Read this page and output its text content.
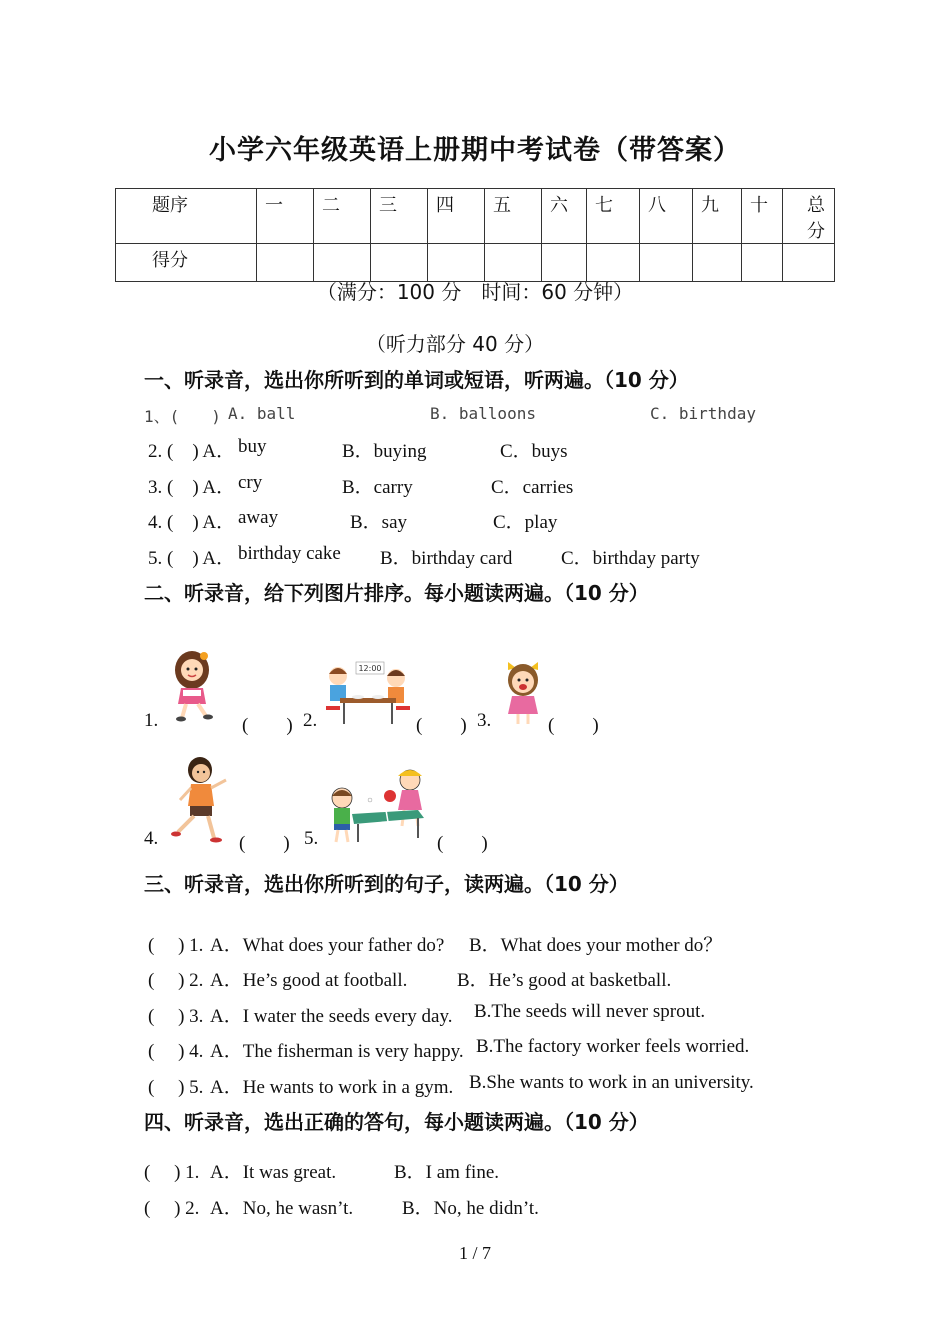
小学六年级英语上册期中考试卷（带答案）
题序	一	二	三	四	五	六	七	八	九	十	总分
得分											
（满分：100 分　时间：60 分钟）
（听力部分 40 分）
一、听录音，选出你所听到的单词或短语，听两遍。（10 分）
1、(　　) A. ball	B. balloons	C. birthday
2. (　) A． buy	B．buying	C．buys
3. (　) A． cry	B．carry	C．carries
4. (　) A． away	B．say	C．play
5. (　) A． birthday cake B．birthday card	C．birthday party
二、听录音，给下列图片排序。每小题读两遍。（10 分）
12:00
1.	(　　) 2.	(　　) 3.	(　　)
4.	(　　) 5.	(　　)
三、听录音，选出你所听到的句子，读两遍。（10 分）
(　 ) 1. A．What does your father do? B．What does your mother do？
(　 ) 2. A．He’s good at football.	B．He’s good at basketball.
(　 ) 3. A．I water the seeds every day. B.The seeds will never sprout.
(　 ) 4. A．The fisherman is very happy. B.The factory worker feels worried.
(　 ) 5. A．He wants to work in a gym. B.She wants to work in an university.
四、听录音，选出正确的答句，每小题读两遍。（10 分）
(　 ) 1. A．It was great.	B．I am fine.
(　 ) 2. A．No, he wasn’t.	B．No, he didn’t.
1 / 7
